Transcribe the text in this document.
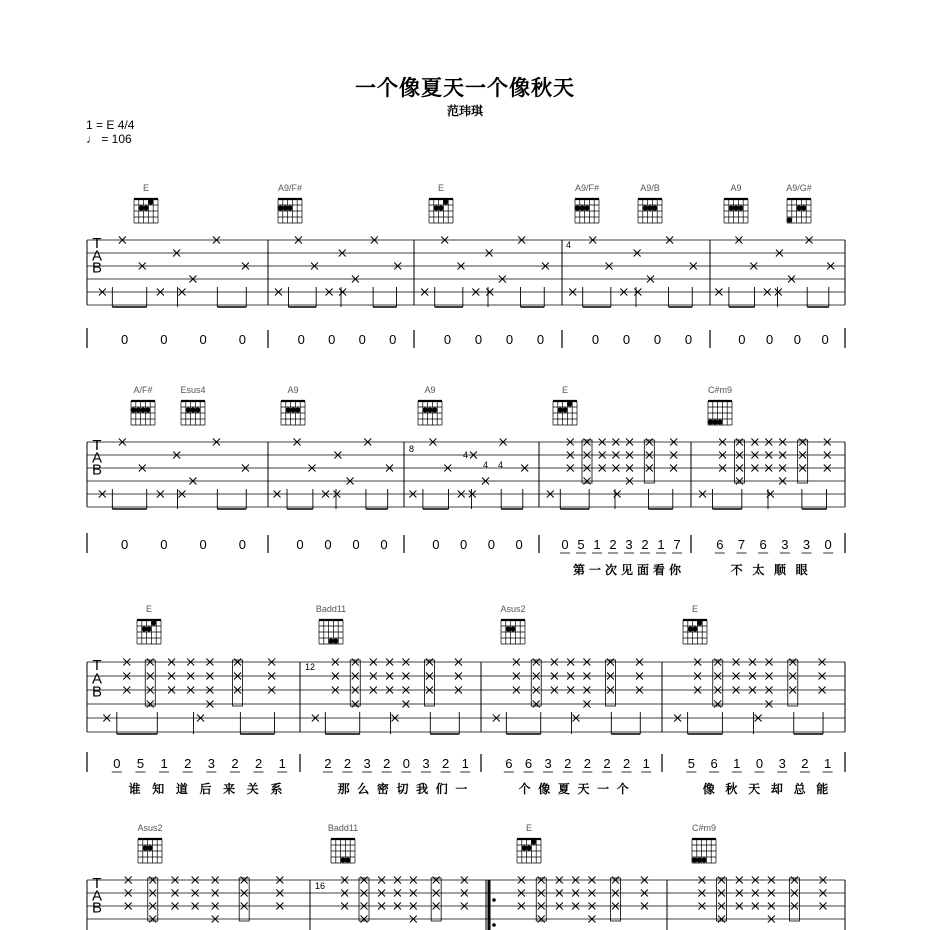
一个像夏天一个像秋天
范玮琪
1 = E 4/4
♩ = 106
E	A9/F#	E	A9/F#	A9/B	A9	A9/G#
T
A
B
4
0 0 0 0	0 0 0 0	0 0 0 0	0 0 0 0	0 0 0 0
A/F#	Esus4	A9	A9	E	C#m9
T
A
B
8
4
4 4
0 0 0 0	0 0 0 0	0 0 0 0	0 5 1 2 3 2 1 7
第 一 次 见 面 看 你
6 7 6 3 3 0
不 太 顺 眼
E	Badd11	Asus2	E
T
A
B
12
0 5 1 2 3 2 2 1
谁 知 道 后 来 关 系
2 2 3 2 0 3 2 1
那 么 密 切 我 们 一
6 6 3 2 2 2 2 1
个 像 夏 天 一 个
5 6 1 0 3 2 1
像 秋 天 却 总 能
Asus2	Badd11	E	C#m9
T
A
B
16
